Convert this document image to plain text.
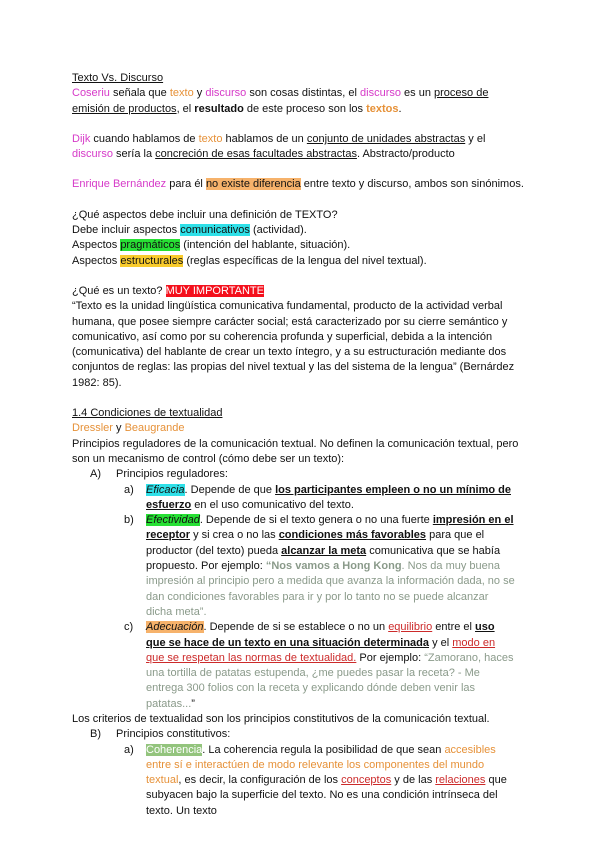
Texto Vs. Discurso

Coseriu señala que texto y discurso son cosas distintas, el discurso es un proceso de emisión de productos, el resultado de este proceso son los textos.

Dijk cuando hablamos de texto hablamos de un conjunto de unidades abstractas y el discurso sería la concreción de esas facultades abstractas. Abstracto/producto

Enrique Bernández para él no existe diferencia entre texto y discurso, ambos son sinónimos.

¿Qué aspectos debe incluir una definición de TEXTO?

Debe incluir aspectos comunicativos (actividad).

Aspectos pragmáticos (intención del hablante, situación).

Aspectos estructurales (reglas específicas de la lengua del nivel textual).

¿Qué es un texto? MUY IMPORTANTE

“Texto es la unidad lingüística comunicativa fundamental, producto de la actividad verbal humana, que posee siempre carácter social; está caracterizado por su cierre semántico y comunicativo, así como por su coherencia profunda y superficial, debida a la intención (comunicativa) del hablante de crear un texto íntegro, y a su estructuración mediante dos conjuntos de reglas: las propias del nivel textual y las del sistema de la lengua” (Bernárdez 1982: 85).

1.4 Condiciones de textualidad

Dressler y Beaugrande

Principios reguladores de la comunicación textual. No definen la comunicación textual, pero son un mecanismo de control (cómo debe ser un texto):

A)	Principios reguladores:
a)	Eficacia. Depende de que los participantes empleen o no un mínimo de esfuerzo en el uso comunicativo del texto.
b)	Efectividad. Depende de si el texto genera o no una fuerte impresión en el receptor y si crea o no las condiciones más favorables para que el productor (del texto) pueda alcanzar la meta comunicativa que se había propuesto. Por ejemplo: “Nos vamos a Hong Kong. Nos da muy buena impresión al principio pero a medida que avanza la información dada, no se dan condiciones favorables para ir y por lo tanto no se puede alcanzar dicha meta”.
c)	Adecuación. Depende de si se establece o no un equilibrio entre el uso que se hace de un texto en una situación determinada y el modo en que se respetan las normas de textualidad. Por ejemplo: “Zamorano, haces una tortilla de patatas estupenda, ¿me puedes pasar la receta? - Me entrega 300 folios con la receta y explicando dónde deben venir las patatas...”

Los criterios de textualidad son los principios constitutivos de la comunicación textual.

B)	Principios constitutivos:
a)	Coherencia. La coherencia regula la posibilidad de que sean accesibles entre sí e interactúen de modo relevante los componentes del mundo textual, es decir, la configuración de los conceptos y de las relaciones que subyacen bajo la superficie del texto. No es una condición intrínseca del texto. Un texto
